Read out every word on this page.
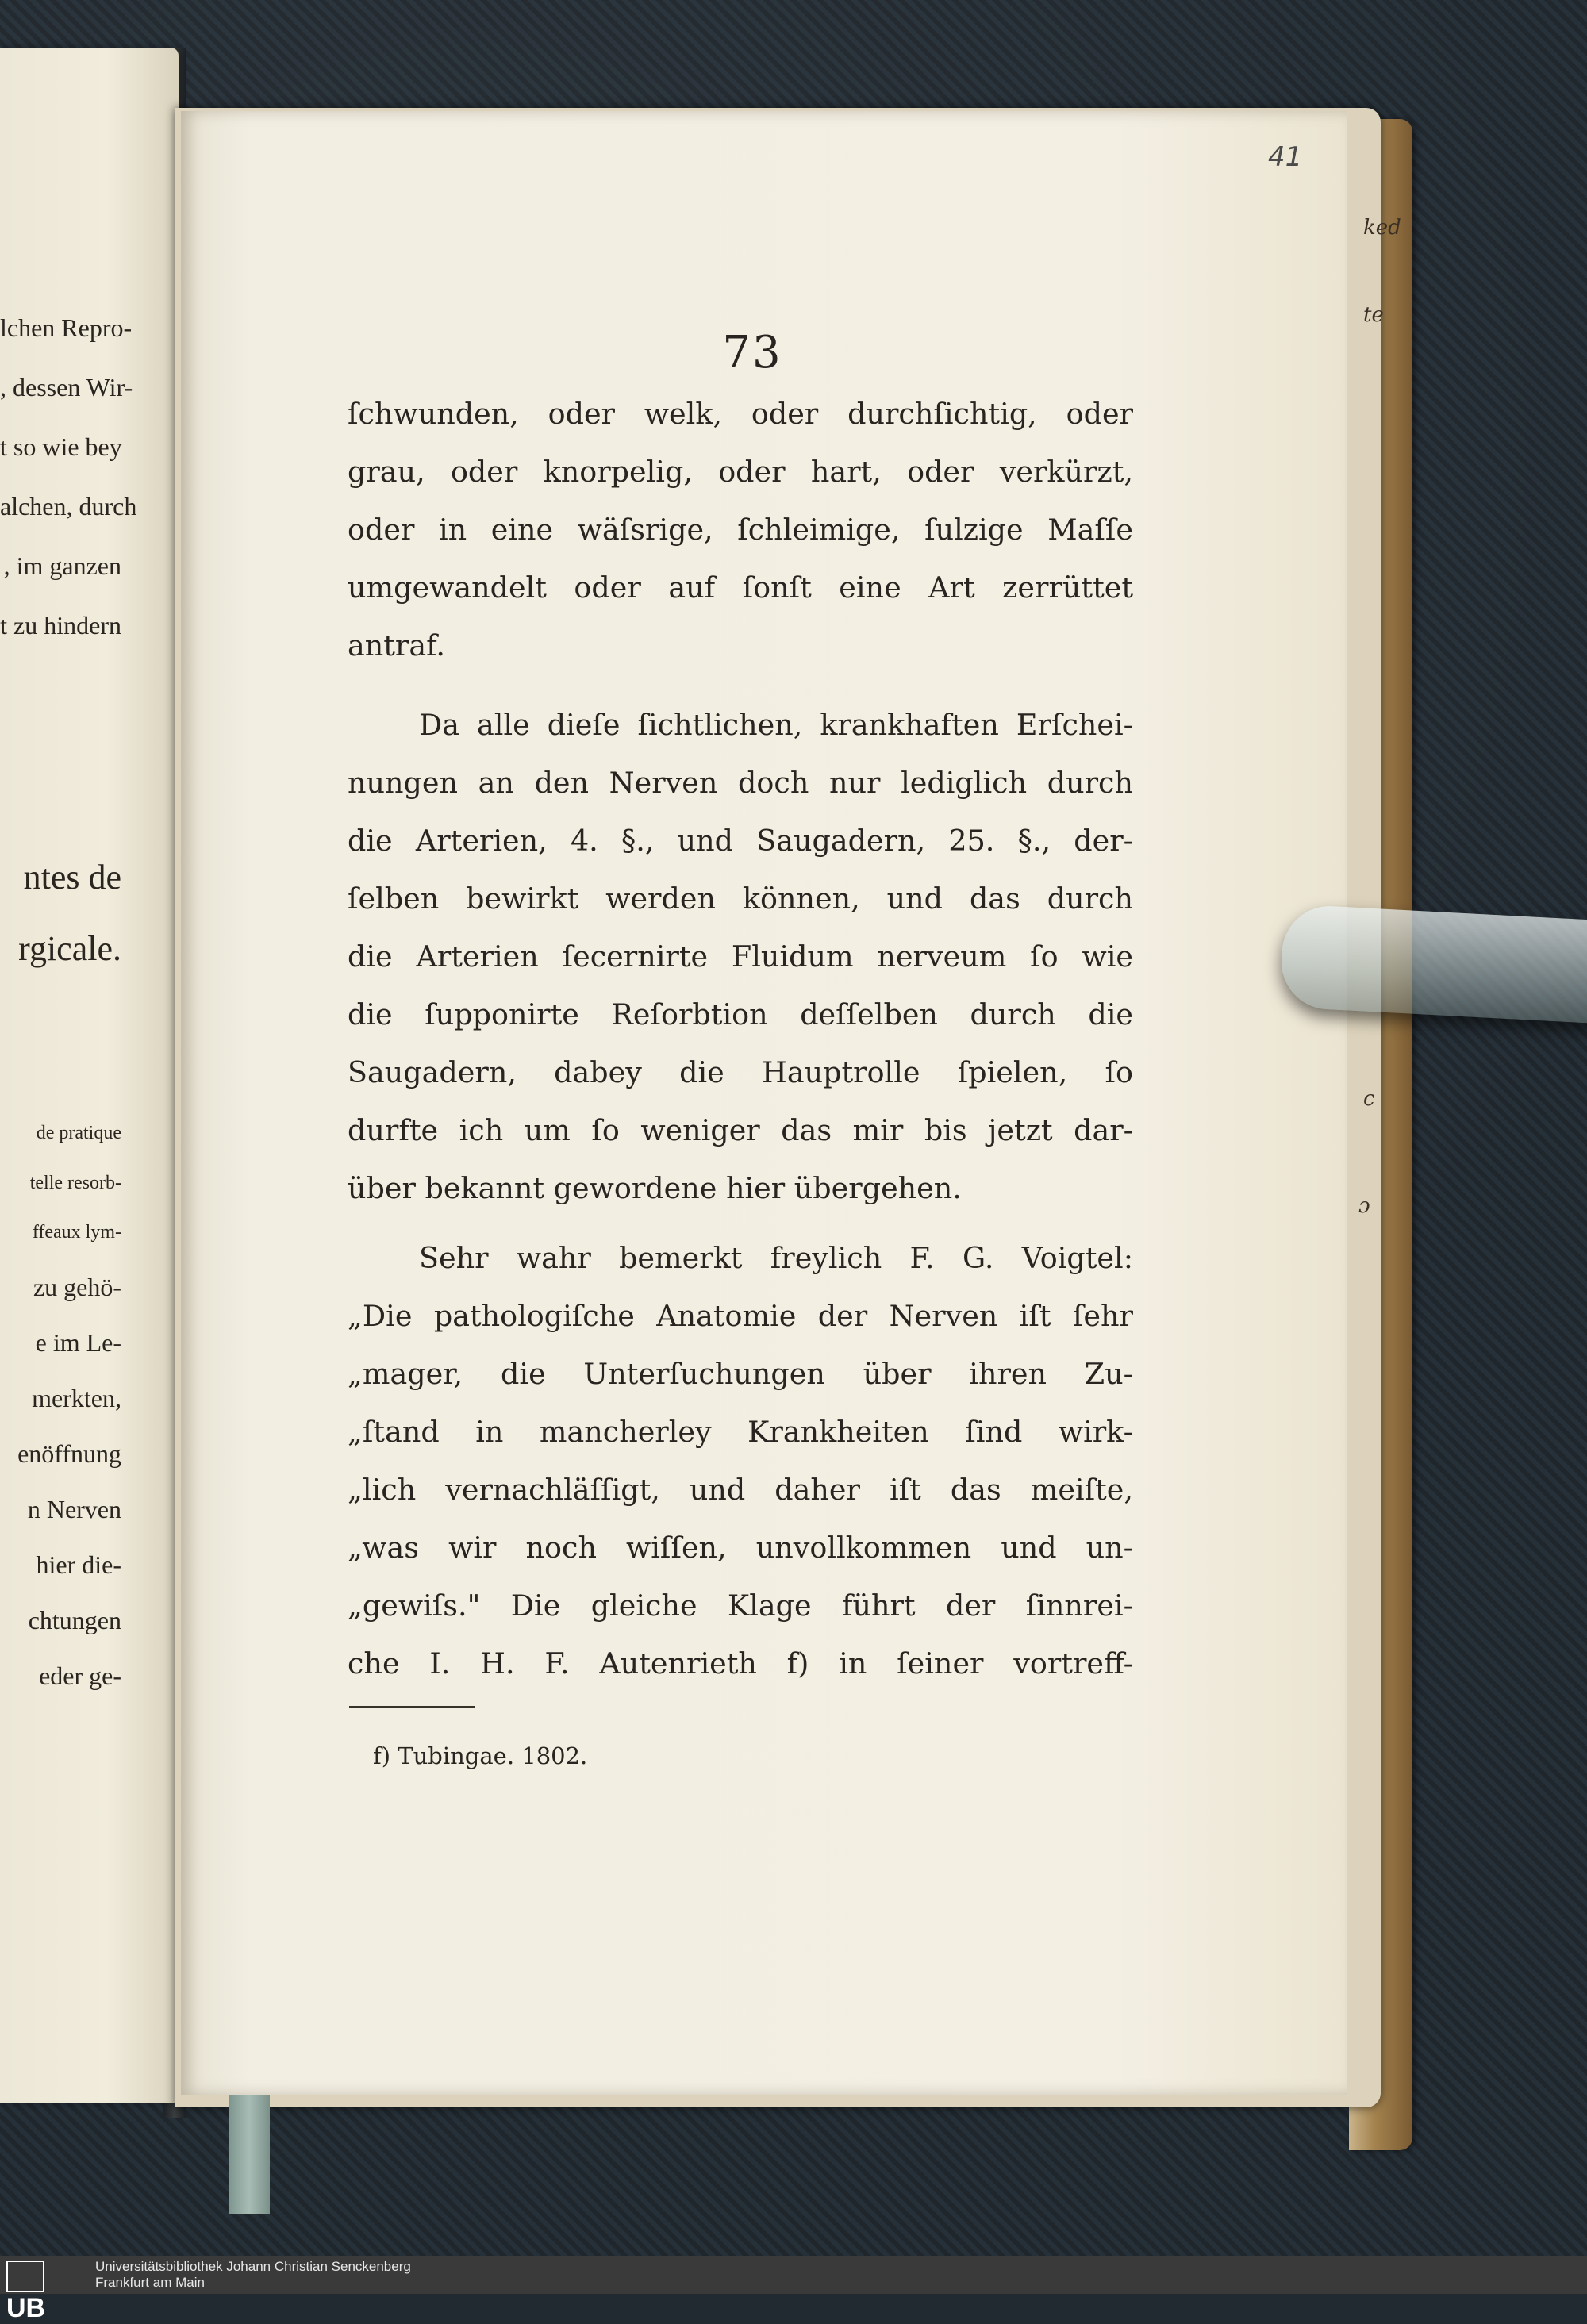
lchen Repro-
, dessen Wir-
t so wie bey
alchen, durch
, im ganzen
t zu hindern
ntes de
rgicale.
de pratique
telle resorb-
ffeaux lym-
zu gehö-
e im Le-
merkten,
enöffnung
n Nerven
hier die-
chtungen
eder ge-
ked
te
c
ɔ
41
73
ſchwunden, oder welk, oder durchſichtig, oder
grau, oder knorpelig, oder hart, oder verkürzt,
oder in eine wäſsrige, ſchleimige, ſulzige Maſſe
umgewandelt oder auf ſonſt eine Art zerrüttet
antraf.
Da alle dieſe ſichtlichen, krankhaften Erſchei-
nungen an den Nerven doch nur lediglich durch
die Arterien, 4. §., und Saugadern, 25. §., der-
ſelben bewirkt werden können, und das durch
die Arterien ſecernirte Fluidum nerveum ſo wie
die ſupponirte Reſorbtion deſſelben durch die
Saugadern, dabey die Hauptrolle ſpielen, ſo
durfte ich um ſo weniger das mir bis jetzt dar-
über bekannt gewordene hier übergehen.
Sehr wahr bemerkt freylich F. G. Voigtel:
„Die pathologiſche Anatomie der Nerven iſt ſehr
„mager, die Unterſuchungen über ihren Zu-
„ſtand in mancherley Krankheiten ſind wirk-
„lich vernachläſſigt, und daher iſt das meiſte,
„was wir noch wiſſen, unvollkommen und un-
„gewiſs." Die gleiche Klage führt der ſinnrei-
che I. H. F. Autenrieth f) in ſeiner vortreff-
f) Tubingae. 1802.
UB
Universitätsbibliothek Johann Christian Senckenberg
Frankfurt am Main
